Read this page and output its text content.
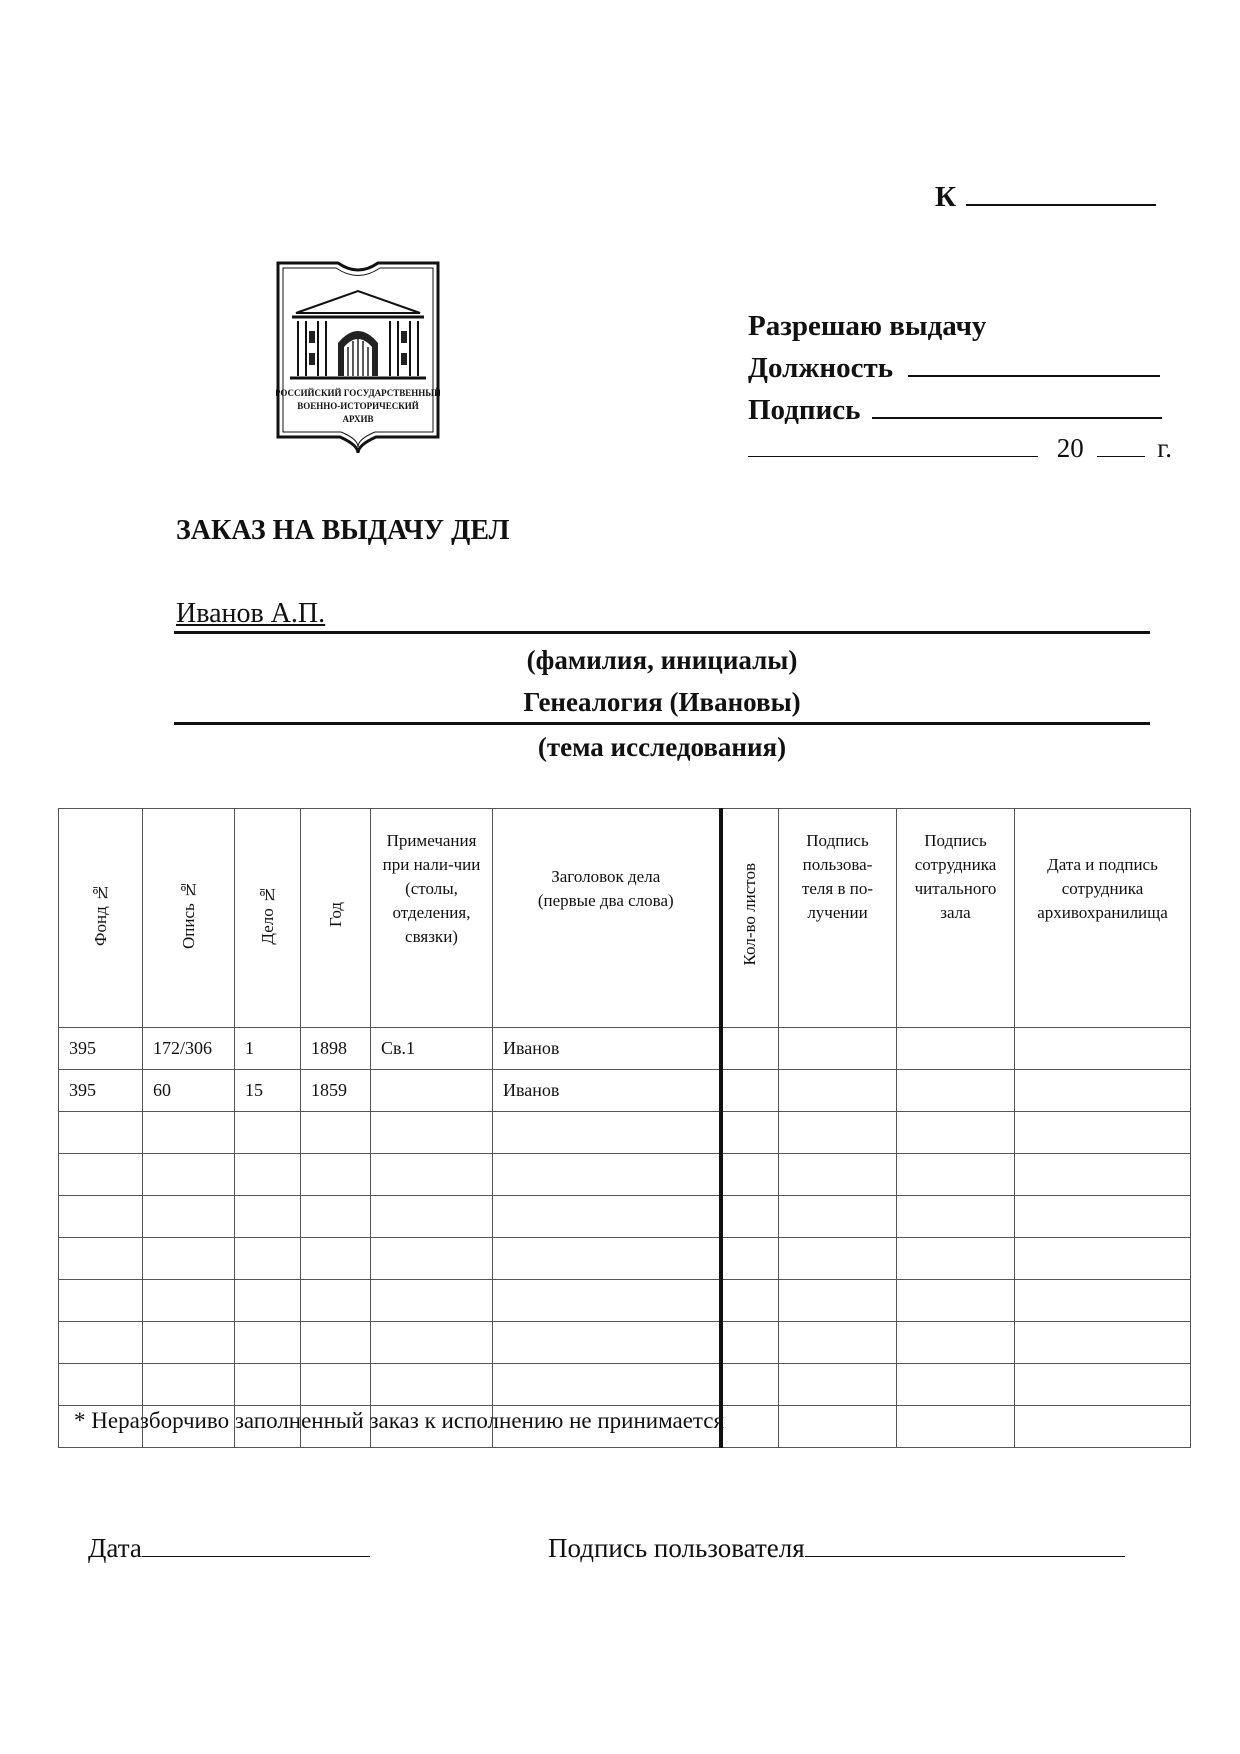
К
РОССИЙСКИЙ ГОСУДАРСТВЕННЫЙ
ВОЕННО-ИСТОРИЧЕСКИЙ
АРХИВ
Разрешаю выдачу
Должность
Подпись
20	г.
ЗАКАЗ НА ВЫДАЧУ ДЕЛ
Иванов А.П.
(фамилия, инициалы)
Генеалогия (Ивановы)
(тема исследования)
Фонд №	Опись №	Дело №	Год	Примечания при нали-чии (столы, отделения, связки)	Заголовок дела (первые два слова)	Кол-во листов	Подпись пользова-теля в по-лучении	Подпись сотрудника читального зала	Дата и подпись сотрудника архивохранилища

395	172/306	1	1898	Св.1	Иванов				
395	60	15	1859		Иванов				

* Неразборчиво заполненный заказ к исполнению не принимается
Дата	Подпись пользователя
